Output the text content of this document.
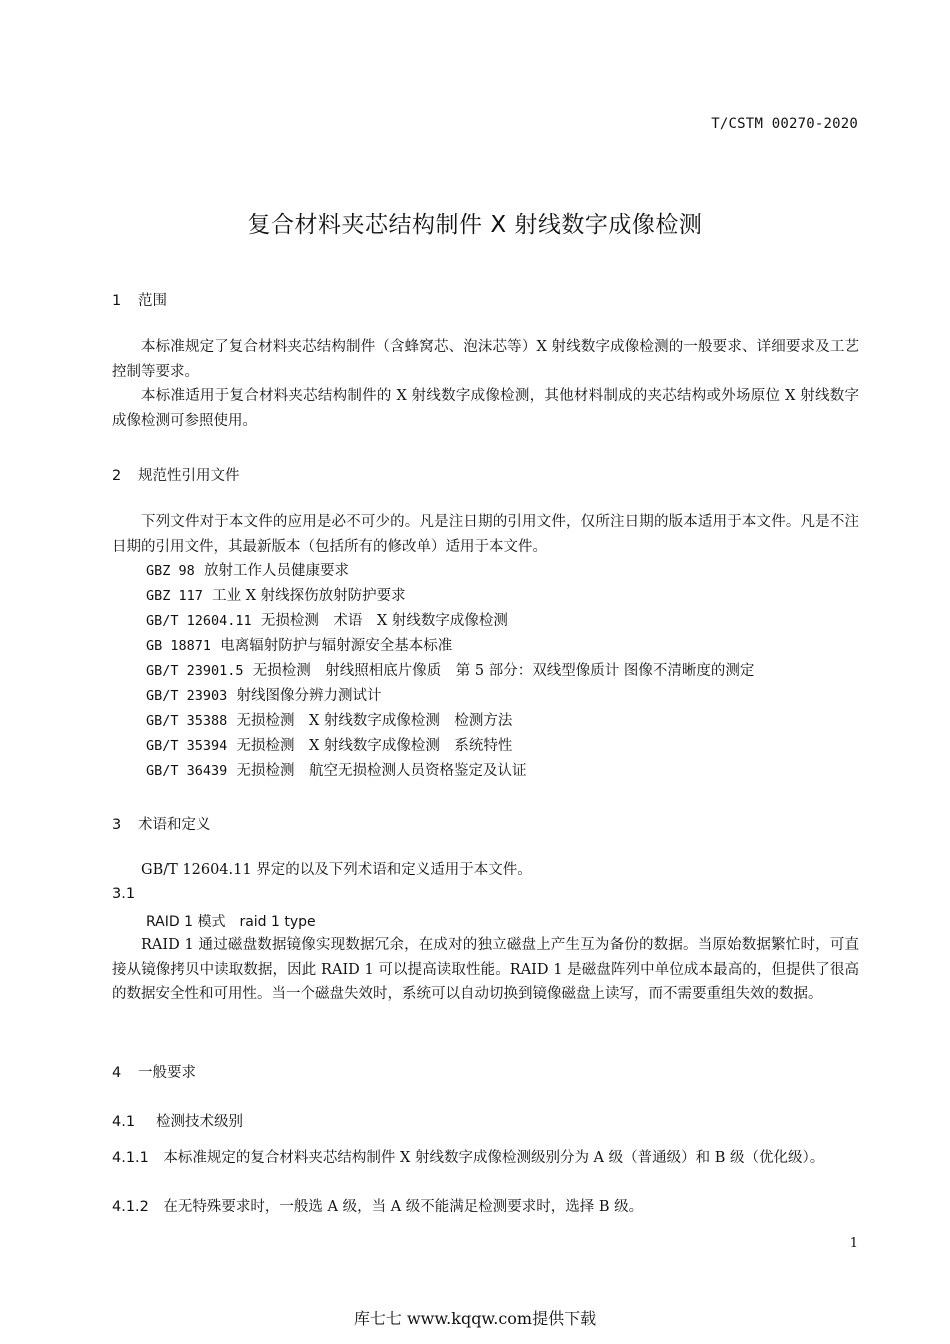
T/CSTM 00270-2020
复合材料夹芯结构制件 X 射线数字成像检测
1 范围
本标准规定了复合材料夹芯结构制件（含蜂窝芯、泡沫芯等）X 射线数字成像检测的一般要求、详细要求及工艺控制等要求。
本标准适用于复合材料夹芯结构制件的 X 射线数字成像检测，其他材料制成的夹芯结构或外场原位 X 射线数字成像检测可参照使用。
2 规范性引用文件
下列文件对于本文件的应用是必不可少的。凡是注日期的引用文件，仅所注日期的版本适用于本文件。凡是不注日期的引用文件，其最新版本（包括所有的修改单）适用于本文件。
GBZ 98 放射工作人员健康要求
GBZ 117 工业 X 射线探伤放射防护要求
GB/T 12604.11 无损检测　术语　X 射线数字成像检测
GB 18871 电离辐射防护与辐射源安全基本标准
GB/T 23901.5 无损检测　射线照相底片像质　第 5 部分：双线型像质计 图像不清晰度的测定
GB/T 23903 射线图像分辨力测试计
GB/T 35388 无损检测　X 射线数字成像检测　检测方法
GB/T 35394 无损检测　X 射线数字成像检测　系统特性
GB/T 36439 无损检测　航空无损检测人员资格鉴定及认证
3 术语和定义
GB/T 12604.11 界定的以及下列术语和定义适用于本文件。
3.1
RAID 1 模式　raid 1 type
RAID 1 通过磁盘数据镜像实现数据冗余，在成对的独立磁盘上产生互为备份的数据。当原始数据繁忙时，可直接从镜像拷贝中读取数据，因此 RAID 1 可以提高读取性能。RAID 1 是磁盘阵列中单位成本最高的，但提供了很高的数据安全性和可用性。当一个磁盘失效时，系统可以自动切换到镜像磁盘上读写，而不需要重组失效的数据。
4 一般要求
4.1 检测技术级别
4.1.1　 本标准规定的复合材料夹芯结构制件 X 射线数字成像检测级别分为 A 级（普通级）和 B 级（优化级）。
4.1.2　 在无特殊要求时，一般选 A 级，当 A 级不能满足检测要求时，选择 B 级。
1
库七七 www.kqqw.com提供下载
